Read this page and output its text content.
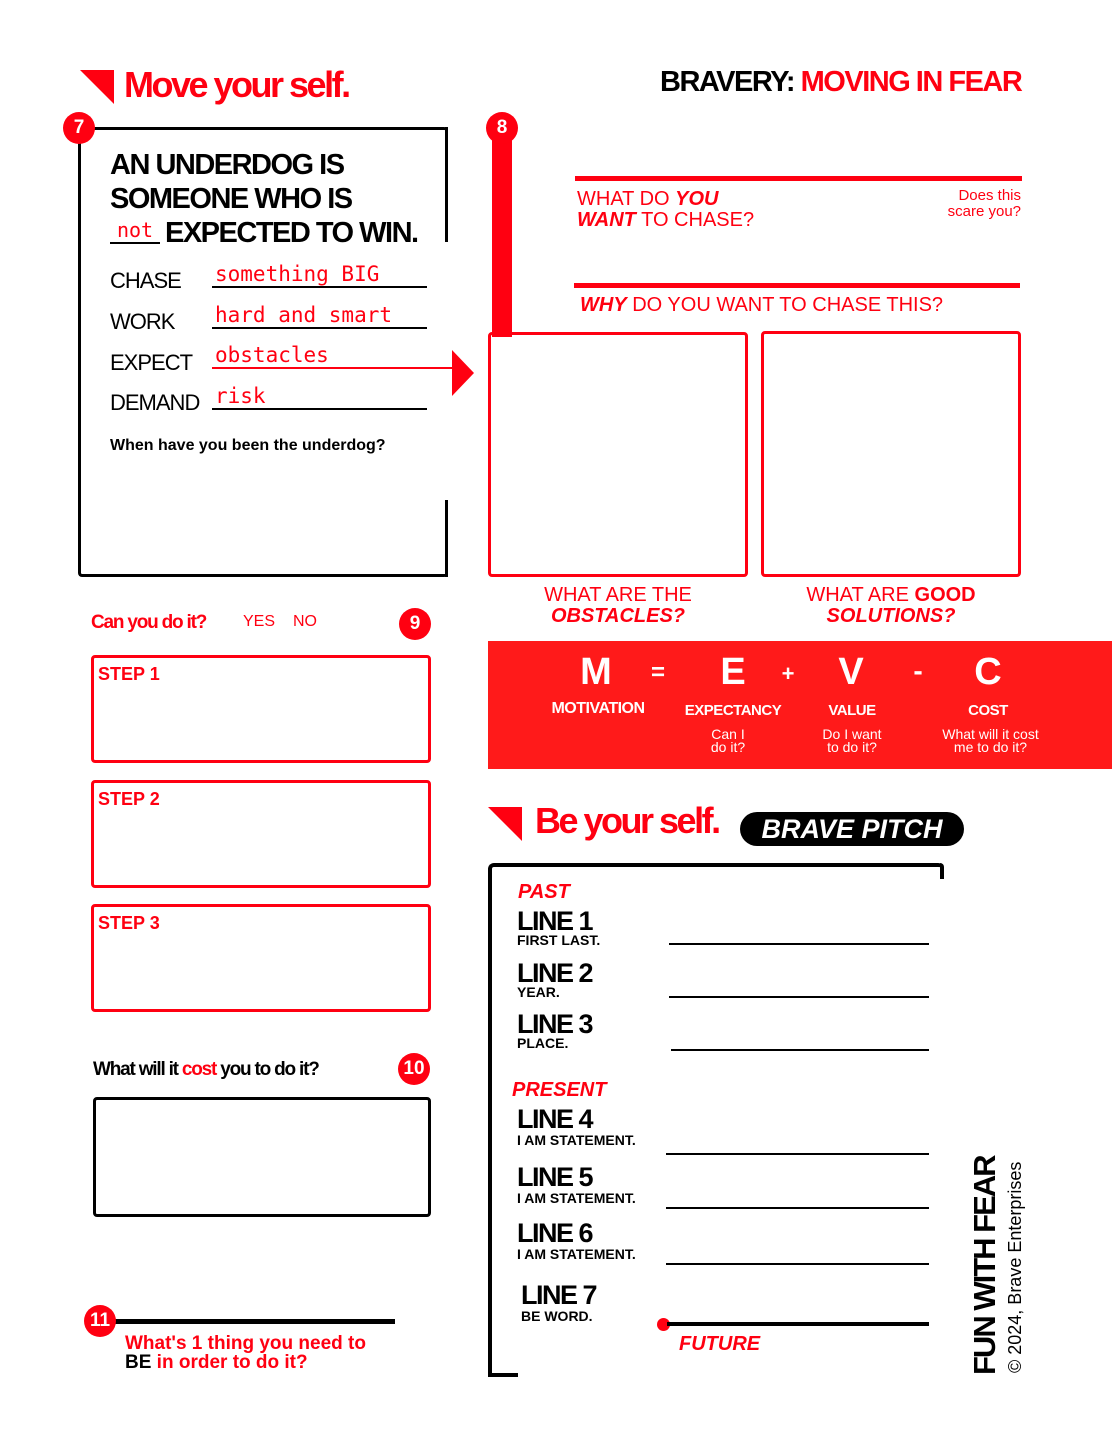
Move your self.
7
AN UNDERDOG IS
SOMEONE WHO IS
not EXPECTED TO WIN.
CHASE something BIG
WORK hard and smart
EXPECT obstacles
DEMAND risk
When have you been the underdog?
Can you do it? YES NO	9
STEP 1
STEP 2
STEP 3
What will it cost you to do it?	10
11
What's 1 thing you need to
BE in order to do it?
BRAVERY: MOVING IN FEAR
8
WHAT DO YOU
WANT TO CHASE?
Does this
scare you?
WHY DO YOU WANT TO CHASE THIS?
WHAT ARE THE
OBSTACLES?
WHAT ARE GOOD
SOLUTIONS?
M	=	E	+	V	-	C
MOTIVATION	EXPECTANCY	VALUE	COST
Can I
do it?
Do I want
to do it?
What will it cost
me to do it?
Be your self.	BRAVE PITCH
PAST
LINE 1
FIRST LAST.
LINE 2
YEAR.
LINE 3
PLACE.
PRESENT
LINE 4
I AM STATEMENT.
LINE 5
I AM STATEMENT.
LINE 6
I AM STATEMENT.
LINE 7
BE WORD.
FUTURE	FUN WITH FEAR © 2024, Brave Enterprises
